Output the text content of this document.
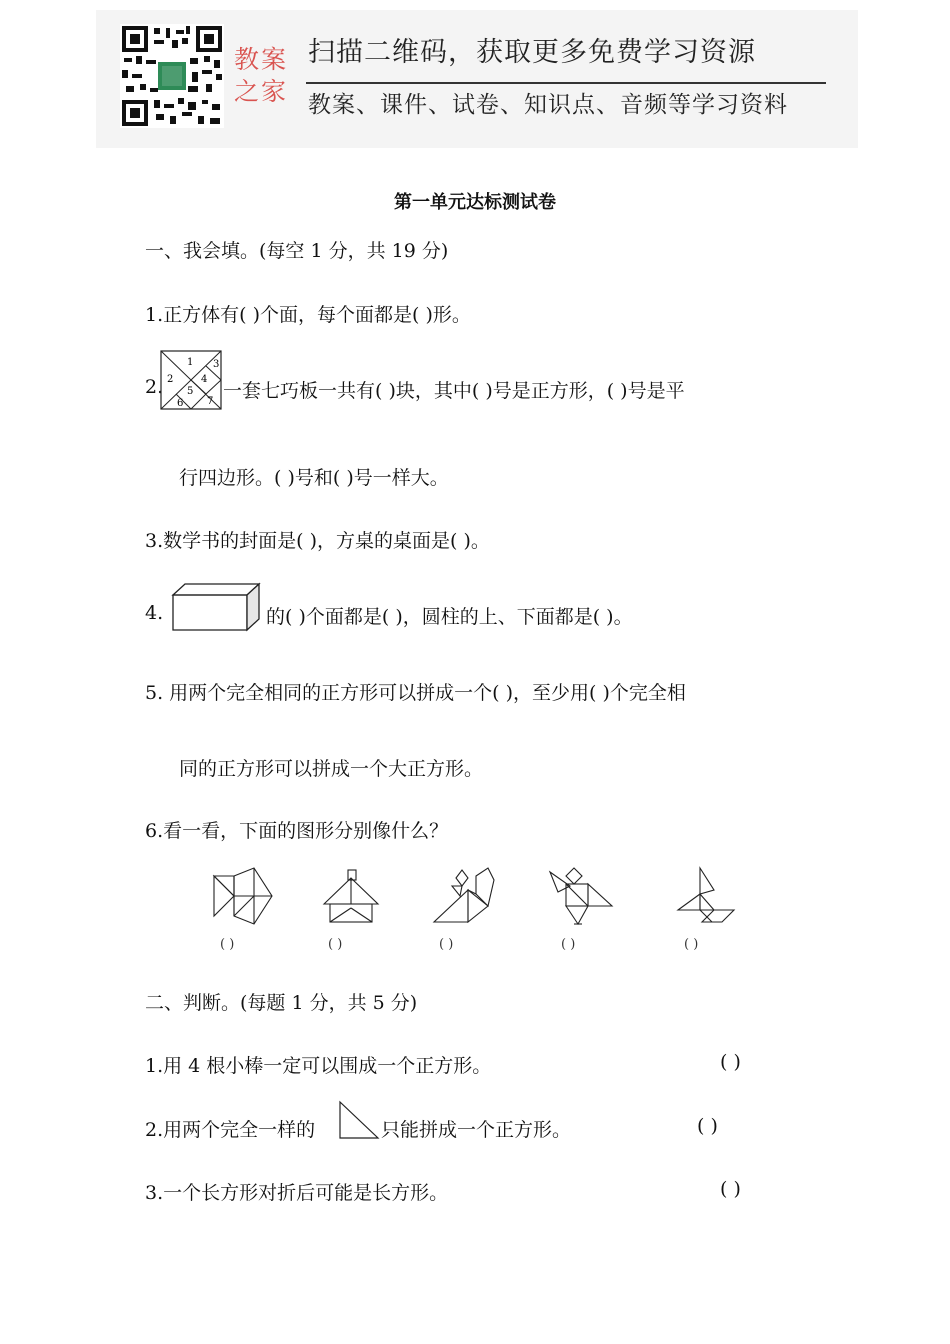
教案之家
扫描二维码，获取更多免费学习资源
教案、课件、试卷、知识点、音频等学习资料
第一单元达标测试卷
一、我会填。(每空 1 分，共 19 分)
1.正方体有( )个面，每个面都是( )形。
2.
1
2
3
4
5
6 7 一套七巧板一共有( )块，其中( )号是正方形，( )号是平
行四边形。( )号和( )号一样大。
3.数学书的封面是( )，方桌的桌面是( )。
4.	的( )个面都是( )，圆柱的上、下面都是( )。
5. 用两个完全相同的正方形可以拼成一个( )，至少用( )个完全相
同的正方形可以拼成一个大正方形。
6.看一看，下面的图形分别像什么？
( )	( )	( )	( )	( )
二、判断。(每题 1 分，共 5 分)
1.用 4 根小棒一定可以围成一个正方形。	( )
2.用两个完全一样的	只能拼成一个正方形。	( )
3.一个长方形对折后可能是长方形。	( )
